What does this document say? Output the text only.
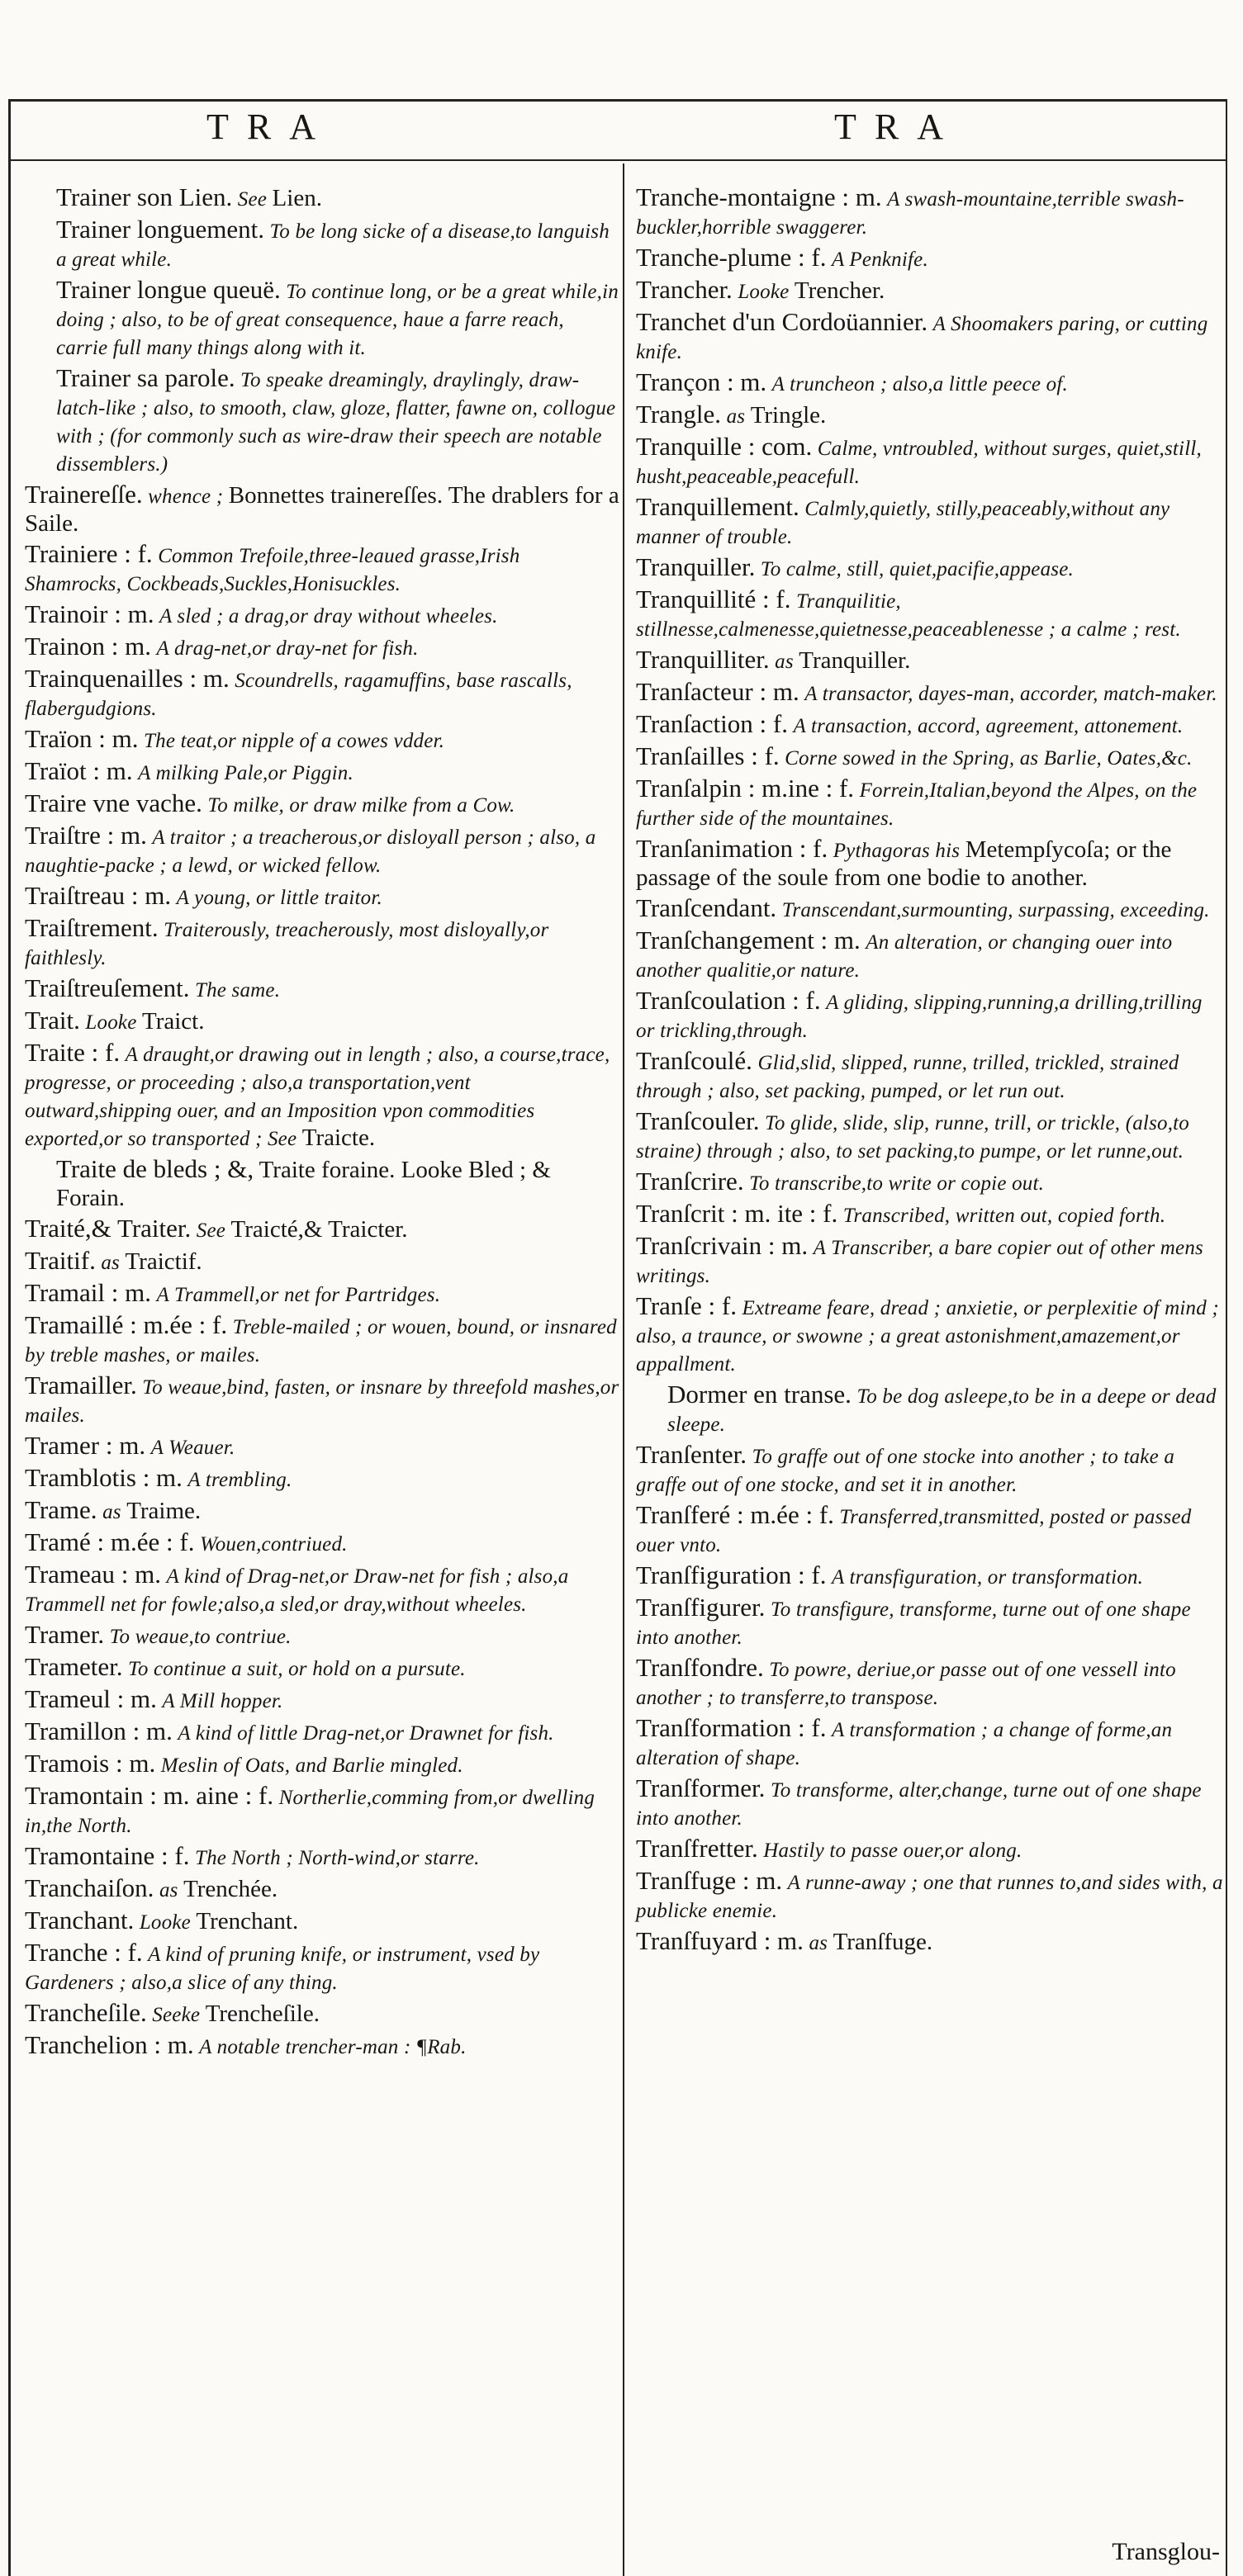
TRA	TRA

Trainer son Lien. See Lien.

Trainer longuement. To be long sicke of a disease,to languish a great while.

Trainer longue queuë. To continue long, or be a great while,in doing ; also, to be of great consequence, haue a farre reach, carrie full many things along with it.

Trainer sa parole. To speake dreamingly, draylingly, draw-latch-like ; also, to smooth, claw, gloze, flatter, fawne on, collogue with ; (for commonly such as wire-draw their speech are notable dissemblers.)

Trainereſſe. whence ; Bonnettes trainereſſes. The drablers for a Saile.

Trainiere : f. Common Trefoile,three-leaued grasse,Irish Shamrocks, Cockbeads,Suckles,Honisuckles.

Trainoir : m. A sled ; a drag,or dray without wheeles.

Trainon : m. A drag-net,or dray-net for fish.

Trainquenailles : m. Scoundrells, ragamuffins, base rascalls, flabergudgions.

Traïon : m. The teat,or nipple of a cowes vdder.

Traïot : m. A milking Pale,or Piggin.

Traire vne vache. To milke, or draw milke from a Cow.

Traiſtre : m. A traitor ; a treacherous,or disloyall person ; also, a naughtie-packe ; a lewd, or wicked fellow.

Traiſtreau : m. A young, or little traitor.

Traiſtrement. Traiterously, treacherously, most disloyally,or faithlesly.

Traiſtreuſement. The same.

Trait. Looke Traict.

Traite : f. A draught,or drawing out in length ; also, a course,trace, progresse, or proceeding ; also,a transportation,vent outward,shipping ouer, and an Imposition vpon commodities exported,or so transported ; See Traicte.

Traite de bleds ; &, Traite foraine. Looke Bled ; & Forain.

Traité,& Traiter. See Traicté,& Traicter.

Traitif. as Traictif.

Tramail : m. A Trammell,or net for Partridges.

Tramaillé : m.ée : f. Treble-mailed ; or wouen, bound, or insnared by treble mashes, or mailes.

Tramailler. To weaue,bind, fasten, or insnare by threefold mashes,or mailes.

Tramer : m. A Weauer.

Tramblotis : m. A trembling.

Trame. as Traime.

Tramé : m.ée : f. Wouen,contriued.

Trameau : m. A kind of Drag-net,or Draw-net for fish ; also,a Trammell net for fowle;also,a sled,or dray,without wheeles.

Tramer. To weaue,to contriue.

Trameter. To continue a suit, or hold on a pursute.

Trameul : m. A Mill hopper.

Tramillon : m. A kind of little Drag-net,or Drawnet for fish.

Tramois : m. Meslin of Oats, and Barlie mingled.

Tramontain : m. aine : f. Northerlie,comming from,or dwelling in,the North.

Tramontaine : f. The North ; North-wind,or starre.

Tranchaiſon. as Trenchée.

Tranchant. Looke Trenchant.

Tranche : f. A kind of pruning knife, or instrument, vsed by Gardeners ; also,a slice of any thing.

Trancheſile. Seeke Trencheſile.

Tranchelion : m. A notable trencher-man : ¶Rab.

Tranche-montaigne : m. A swash-mountaine,terrible swash-buckler,horrible swaggerer.

Tranche-plume : f. A Penknife.

Trancher. Looke Trencher.

Tranchet d'un Cordoüannier. A Shoomakers paring, or cutting knife.

Trançon : m. A truncheon ; also,a little peece of.

Trangle. as Tringle.

Tranquille : com. Calme, vntroubled, without surges, quiet,still, husht,peaceable,peacefull.

Tranquillement. Calmly,quietly, stilly,peaceably,without any manner of trouble.

Tranquiller. To calme, still, quiet,pacifie,appease.

Tranquillité : f. Tranquilitie, stillnesse,calmenesse,quietnesse,peaceablenesse ; a calme ; rest.

Tranquilliter. as Tranquiller.

Tranſacteur : m. A transactor, dayes-man, accorder, match-maker.

Tranſaction : f. A transaction, accord, agreement, attonement.

Tranſailles : f. Corne sowed in the Spring, as Barlie, Oates,&c.

Tranſalpin : m.ine : f. Forrein,Italian,beyond the Alpes, on the further side of the mountaines.

Tranſanimation : f. Pythagoras his Metempſycoſa; or the passage of the soule from one bodie to another.

Tranſcendant. Transcendant,surmounting, surpassing, exceeding.

Tranſchangement : m. An alteration, or changing ouer into another qualitie,or nature.

Tranſcoulation : f. A gliding, slipping,running,a drilling,trilling or trickling,through.

Tranſcoulé. Glid,slid, slipped, runne, trilled, trickled, strained through ; also, set packing, pumped, or let run out.

Tranſcouler. To glide, slide, slip, runne, trill, or trickle, (also,to straine) through ; also, to set packing,to pumpe, or let runne,out.

Tranſcrire. To transcribe,to write or copie out.

Tranſcrit : m. ite : f. Transcribed, written out, copied forth.

Tranſcrivain : m. A Transcriber, a bare copier out of other mens writings.

Tranſe : f. Extreame feare, dread ; anxietie, or perplexitie of mind ; also, a traunce, or swowne ; a great astonishment,amazement,or appallment.

Dormer en transe. To be dog asleepe,to be in a deepe or dead sleepe.

Tranſenter. To graffe out of one stocke into another ; to take a graffe out of one stocke, and set it in another.

Tranſferé : m.ée : f. Transferred,transmitted, posted or passed ouer vnto.

Tranſfiguration : f. A transfiguration, or transformation.

Tranſfigurer. To transfigure, transforme, turne out of one shape into another.

Tranſfondre. To powre, deriue,or passe out of one vessell into another ; to transferre,to transpose.

Tranſformation : f. A transformation ; a change of forme,an alteration of shape.

Tranſformer. To transforme, alter,change, turne out of one shape into another.

Tranſfretter. Hastily to passe ouer,or along.

Tranſfuge : m. A runne-away ; one that runnes to,and sides with, a publicke enemie.

Tranſfuyard : m. as Tranſfuge.

Transglou-
